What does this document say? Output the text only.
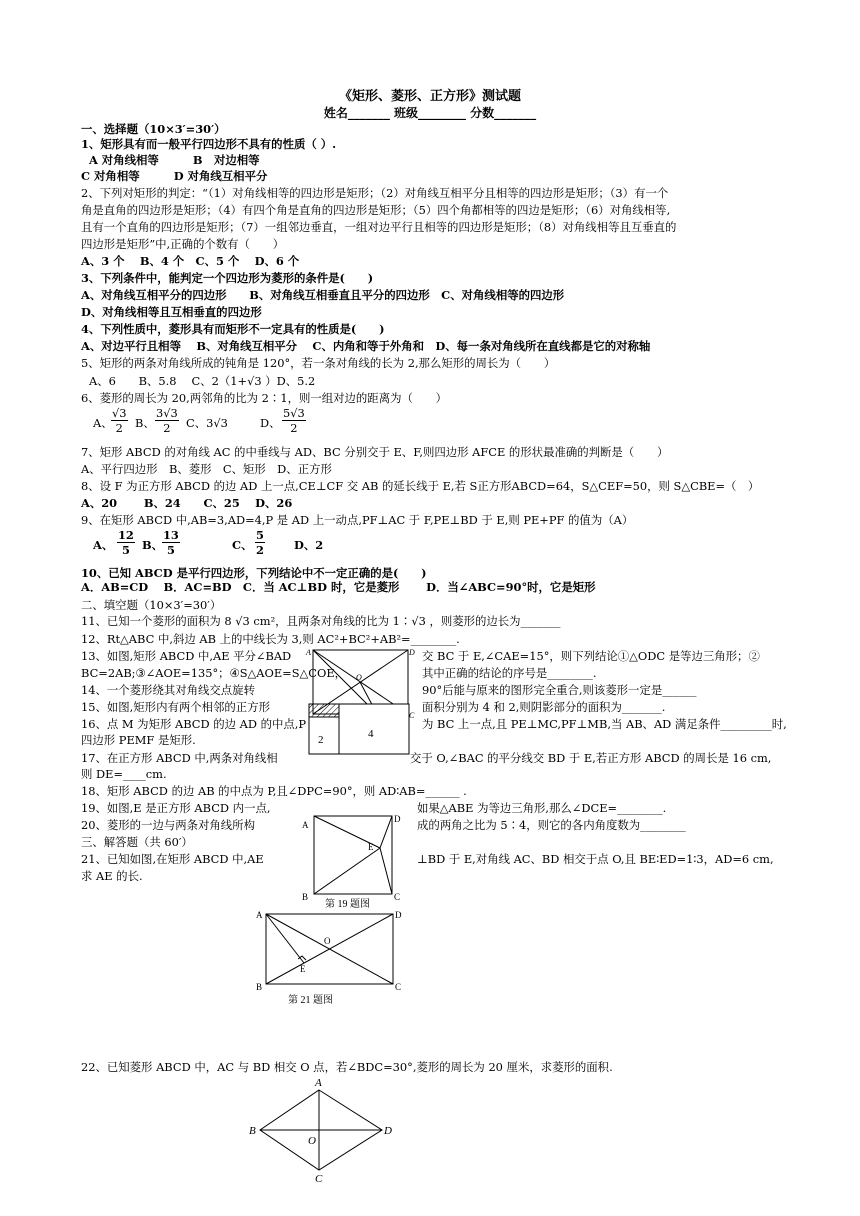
《矩形、菱形、正方形》测试题
姓名_______ 班级________ 分数_______
一、选择题（10×3′=30′）
1、矩形具有而一般平行四边形不具有的性质（ ）.
A 对角线相等　　　B　对边相等
C 对角相等　　　D 对角线互相平分
2、下列对矩形的判定：“（1）对角线相等的四边形是矩形；（2）对角线互相平分且相等的四边形是矩形；（3）有一个
角是直角的四边形是矩形；（4）有四个角是直角的四边形是矩形；（5）四个角都相等的四边是矩形；（6）对角线相等,
且有一个直角的四边形是矩形；（7）一组邻边垂直，一组对边平行且相等的四边形是矩形；（8）对角线相等且互垂直的
四边形是矩形”中,正确的个数有（　　）
A、3 个　 B、4 个　C、5 个　 D、6 个
3、下列条件中，能判定一个四边形为菱形的条件是(　　)
A、对角线互相平分的四边形　　B、对角线互相垂直且平分的四边形　C、对角线相等的四边形
D、对角线相等且互相垂直的四边形
4、下列性质中，菱形具有而矩形不一定具有的性质是(　　)
A、对边平行且相等　 B、对角线互相平分　 C、内角和等于外角和　D、每一条对角线所在直线都是它的对称轴
5、矩形的两条对角线所成的钝角是 120°，若一条对角线的长为 2,那么矩形的周长为（　　）
A、6　　B、5.8　 C、2（1+√3 ）D、5.2
6、菱形的周长为 20,两邻角的比为 2∶1，则一组对边的距离为（　　）
A、
$\frac{√3}{2}$ B、 $\frac{3√3}{2}$ C、3√3	D、 $\frac{5√3}{2}$
7、矩形 ABCD 的对角线 AC 的中垂线与 AD、BC 分别交于 E、F,则四边形 AFCE 的形状最准确的判断是（　　）
A、平行四边形　B、菱形　C、矩形　D、正方形
8、设 F 为正方形 ABCD 的边 AD 上一点,CE⊥CF 交 AB 的延长线于 E,若 S正方形ABCD=64，S△CEF=50，则 S△CBE=（　）
A、20　　 B、24　　C、25　 D、26
9、在矩形 ABCD 中,AB=3,AD=4,P 是 AD 上一动点,PF⊥AC 于 F,PE⊥BD 于 E,则 PE+PF 的值为（A）
A、 $\frac{12}{5}$ B、
$\frac{13}{5}$	C、 $\frac{5}{2}$	D、2
10、已知 ABCD 是平行四边形，下列结论中不一定正确的是(　　)
A．AB=CD　 B．AC=BD　C．当 AC⊥BD 时，它是菱形　　 D．当∠ABC=90°时，它是矩形
二、填空题（10×3′=30′）
11、已知一个菱形的面积为 8 √3 cm²，且两条对角线的比为 1∶√3 ，则菱形的边长为_______
12、Rt△ABC 中,斜边 AB 上的中线长为 3,则 AC²+BC²+AB²=________.
13、如图,矩形 ABCD 中,AE 平分∠BAD	交 BC 于 E,∠CAE=15°，则下列结论①△ODC 是等边三角形；②
BC=2AB;③∠AOE=135°；④S△AOE=S△COE，	其中正确的结论的序号是________.
14、一个菱形绕其对角线交点旋转	90°后能与原来的图形完全重合,则该菱形一定是______
15、如图,矩形内有两个相邻的正方形	面积分别为 4 和 2,则阴影部分的面积为_______.
16、点 M 为矩形 ABCD 的边 AD 的中点,P	为 BC 上一点,且 PE⊥MC,PF⊥MB,当 AB、AD 满足条件_________时,
四边形 PEMF 是矩形.
17、在正方形 ABCD 中,两条对角线相	交于 O,∠BAC 的平分线交 BD 于 E,若正方形 ABCD 的周长是 16 cm,
则 DE=____cm.
18、矩形 ABCD 的边 AB 的中点为 P,且∠DPC=90°，则 AD∶AB=______ .
19、如图,E 是正方形 ABCD 内一点,	如果△ABE 为等边三角形,那么∠DCE=________.
20、菱形的一边与两条对角线所构	成的两角之比为 5∶4，则它的各内角度数为________
三、解答题（共 60′）
21、已知如图,在矩形 ABCD 中,AE	⊥BD 于 E,对角线 AC、BD 相交于点 O,且 BE∶ED=1∶3，AD=6 cm,
求 AE 的长.
22、已知菱形 ABCD 中，AC 与 BD 相交 O 点，若∠BDC=30°,菱形的周长为 20 厘米，求菱形的面积.
A	D
C
O
2	4
A
D
E
B	C
第 19 题图
A	D
O
E
B	C
第 21 题图
A
B	D
C
O
